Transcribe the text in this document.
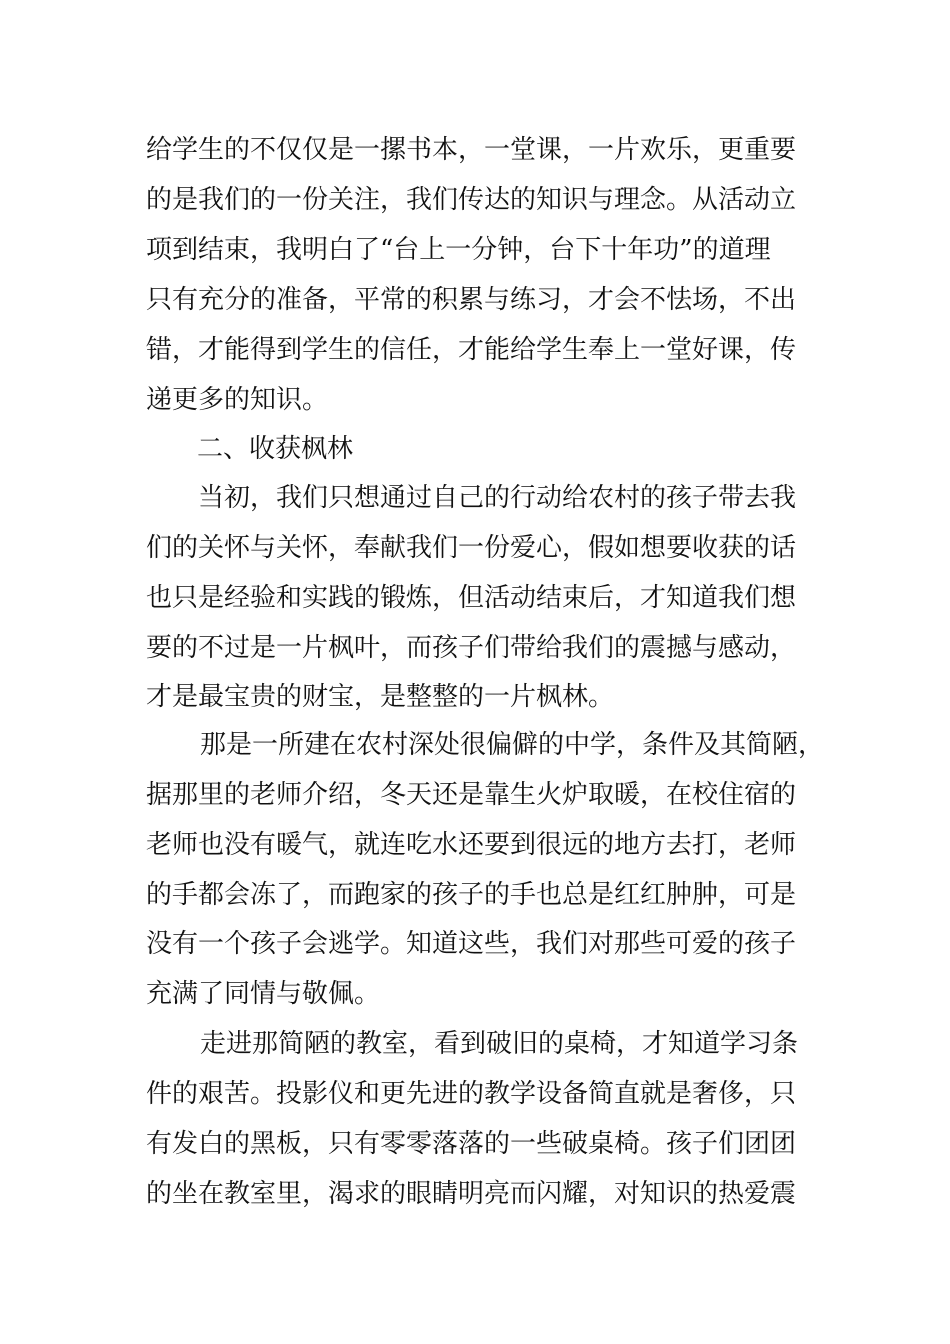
给学生的不仅仅是一摞书本，一堂课，一片欢乐，更重要
的是我们的一份关注，我们传达的知识与理念。从活动立
项到结束，我明白了“台上一分钟，台下十年功”的道理
只有充分的准备，平常的积累与练习，才会不怯场，不出
错，才能得到学生的信任，才能给学生奉上一堂好课，传
递更多的知识。
二、收获枫林
当初，我们只想通过自己的行动给农村的孩子带去我
们的关怀与关怀，奉献我们一份爱心，假如想要收获的话
也只是经验和实践的锻炼，但活动结束后，才知道我们想
要的不过是一片枫叶，而孩子们带给我们的震撼与感动，
才是最宝贵的财宝，是整整的一片枫林。
那是一所建在农村深处很偏僻的中学，条件及其简陋，
据那里的老师介绍，冬天还是靠生火炉取暖，在校住宿的
老师也没有暖气，就连吃水还要到很远的地方去打，老师
的手都会冻了，而跑家的孩子的手也总是红红肿肿，可是
没有一个孩子会逃学。知道这些，我们对那些可爱的孩子
充满了同情与敬佩。
走进那简陋的教室，看到破旧的桌椅，才知道学习条
件的艰苦。投影仪和更先进的教学设备简直就是奢侈，只
有发白的黑板，只有零零落落的一些破桌椅。孩子们团团
的坐在教室里，渴求的眼睛明亮而闪耀，对知识的热爱震
